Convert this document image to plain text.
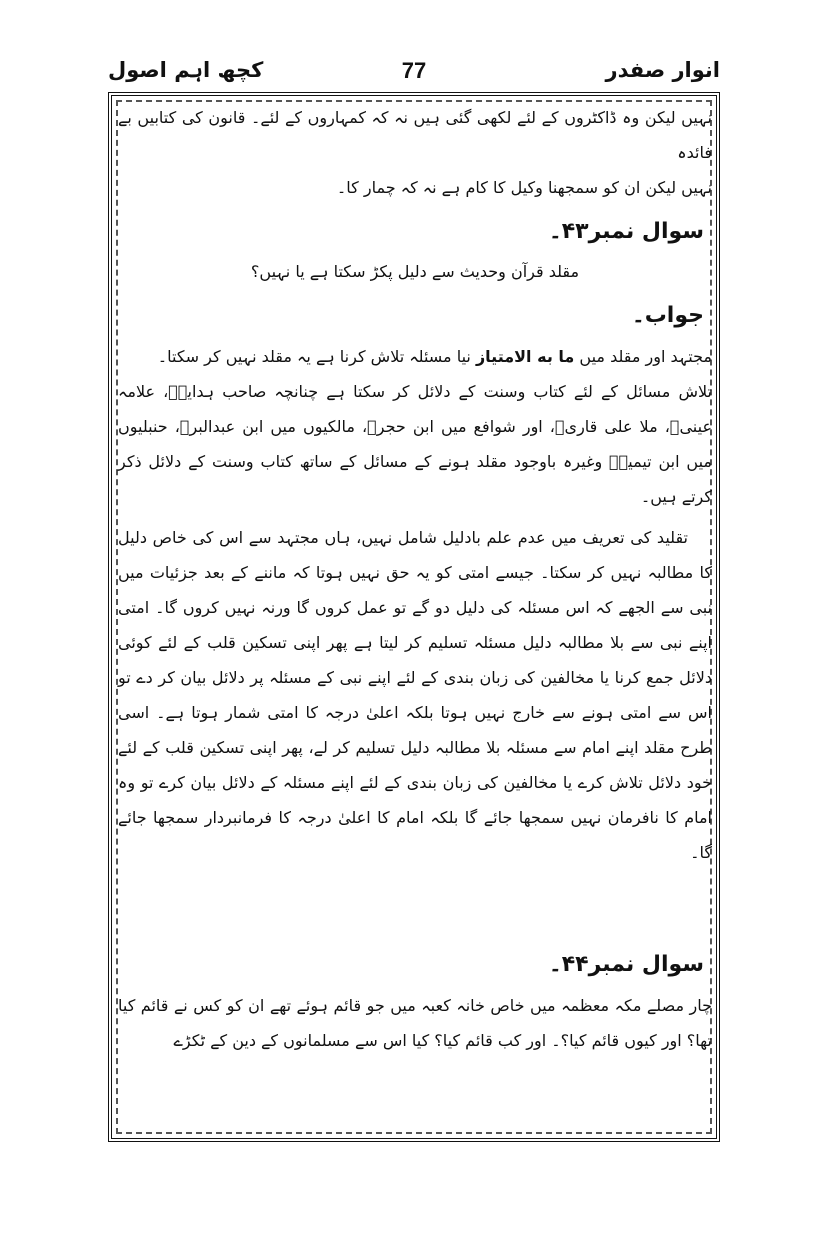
انوار صفدر
77
کچھ اہم اصول

نہیں لیکن وہ ڈاکٹروں کے لئے لکھی گئی ہیں نہ کہ کمہاروں کے لئے۔ قانون کی کتابیں بے فائدہ

نہیں لیکن ان کو سمجھنا وکیل کا کام ہے نہ کہ چمار کا۔

سوال نمبر۴۳۔

مقلد قرآن وحدیث سے دلیل پکڑ سکتا ہے یا نہیں؟

جواب۔

مجتہد اور مقلد میں ما به الامتیاز نیا مسئلہ تلاش کرنا ہے یہ مقلد نہیں کر سکتا۔

تلاش مسائل کے لئے کتاب وسنت کے دلائل کر سکتا ہے چنانچہ صاحب ہدایہؒ، علامہ عینیؒ، ملا علی قاریؒ، اور شوافع میں ابن حجرؒ، مالکیوں میں ابن عبدالبرؒ، حنبلیوں میں ابن تیمیہؒ وغیرہ باوجود مقلد ہونے کے مسائل کے ساتھ کتاب وسنت کے دلائل ذکر کرتے ہیں۔

تقلید کی تعریف میں عدم علم بادلیل شامل نہیں، ہاں مجتہد سے اس کی خاص دلیل کا مطالبہ نہیں کر سکتا۔ جیسے امتی کو یہ حق نہیں ہوتا کہ ماننے کے بعد جزئیات میں نبی سے الجھے کہ اس مسئلہ کی دلیل دو گے تو عمل کروں گا ورنہ نہیں کروں گا۔ امتی اپنے نبی سے بلا مطالبہ دلیل مسئلہ تسلیم کر لیتا ہے پھر اپنی تسکین قلب کے لئے کوئی دلائل جمع کرنا یا مخالفین کی زبان بندی کے لئے اپنے نبی کے مسئلہ پر دلائل بیان کر دے تو اس سے امتی ہونے سے خارج نہیں ہوتا بلکہ اعلیٰ درجہ کا امتی شمار ہوتا ہے۔ اسی طرح مقلد اپنے امام سے مسئلہ بلا مطالبہ دلیل تسلیم کر لے، پھر اپنی تسکین قلب کے لئے خود دلائل تلاش کرے یا مخالفین کی زبان بندی کے لئے اپنے مسئلہ کے دلائل بیان کرے تو وہ امام کا نافرمان نہیں سمجھا جائے گا بلکہ امام کا اعلیٰ درجہ کا فرمانبردار سمجھا جائے گا۔

سوال نمبر۴۴۔

چار مصلے مکہ معظمہ میں خاص خانہ کعبہ میں جو قائم ہوئے تھے ان کو کس نے قائم کیا تھا؟ اور کیوں قائم کیا؟۔ اور کب قائم کیا؟ کیا اس سے مسلمانوں کے دین کے ٹکڑے
